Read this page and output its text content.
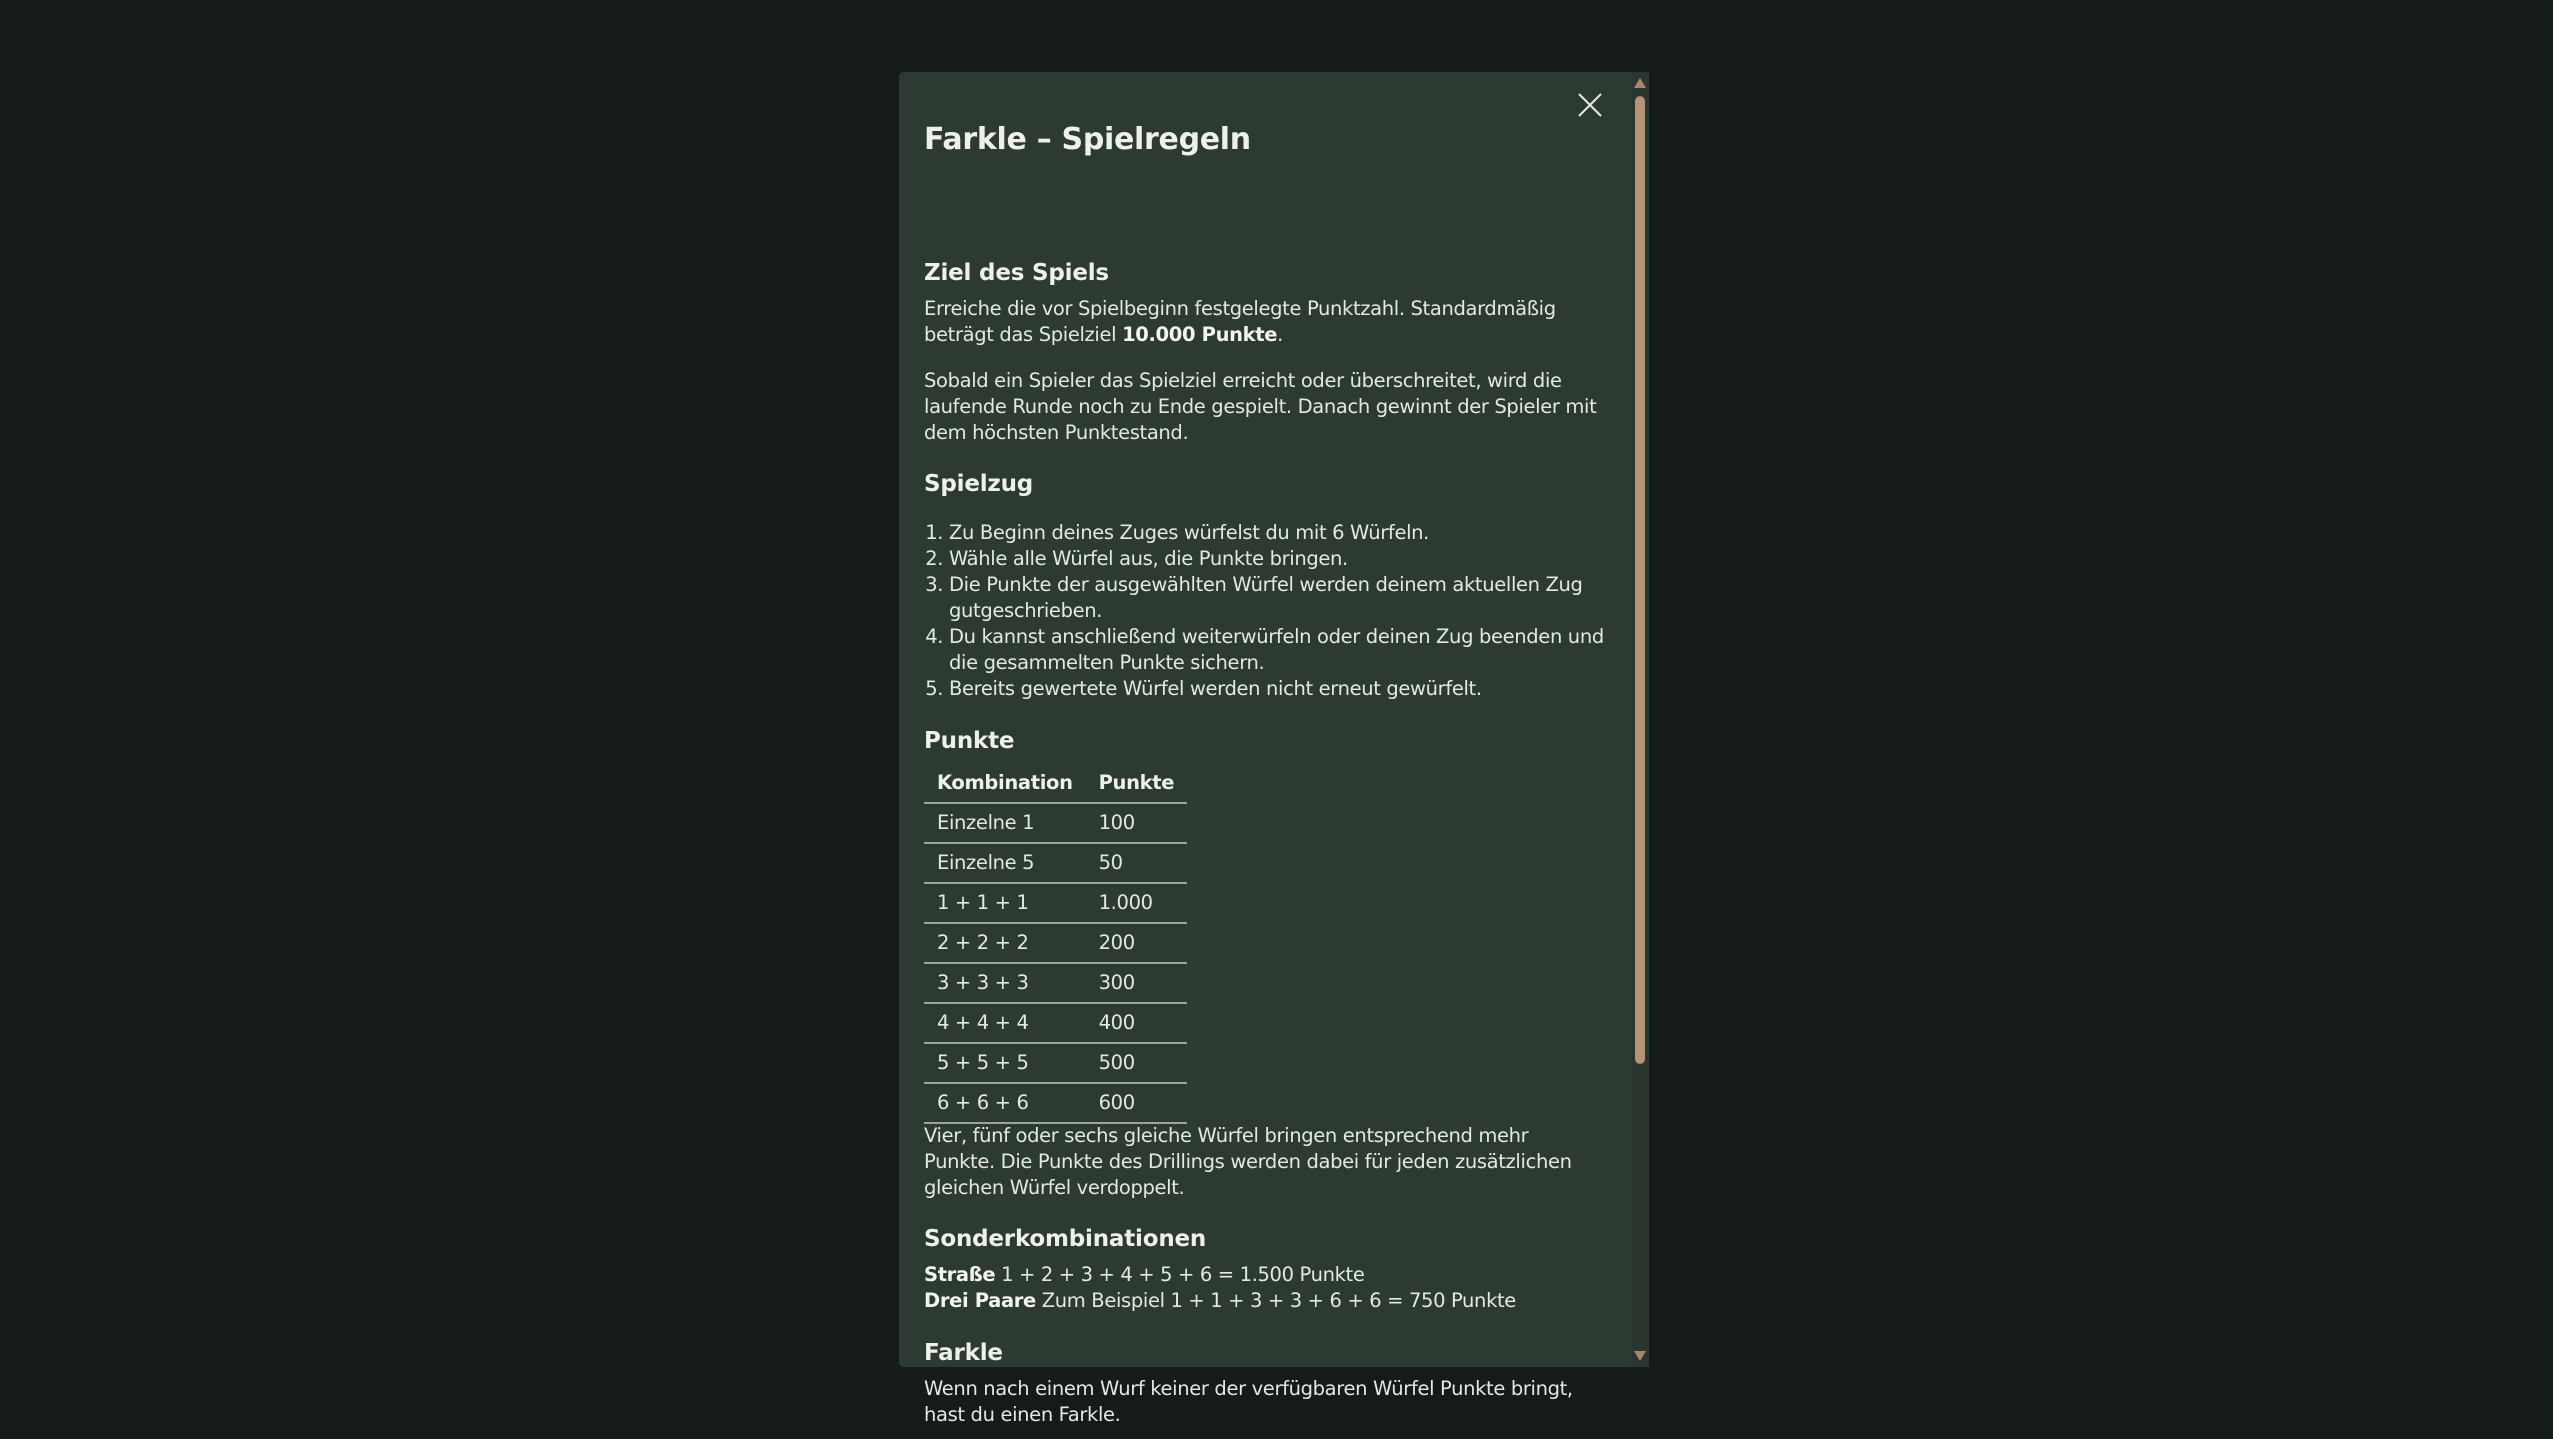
Farkle – Spielregeln
Ziel des Spiels

Erreiche die vor Spielbeginn festgelegte Punktzahl. Standardmäßig beträgt das Spielziel 10.000 Punkte.

Sobald ein Spieler das Spielziel erreicht oder überschreitet, wird die laufende Runde noch zu Ende gespielt. Danach gewinnt der Spieler mit dem höchsten Punktestand.

Spielzug
1. Zu Beginn deines Zuges würfelst du mit 6 Würfeln.
2. Wähle alle Würfel aus, die Punkte bringen.
3. Die Punkte der ausgewählten Würfel werden deinem aktuellen Zug gutgeschrieben.
4. Du kannst anschließend weiterwürfeln oder deinen Zug beenden und die gesammelten Punkte sichern.
5. Bereits gewertete Würfel werden nicht erneut gewürfelt.
Punkte
Kombination	Punkte
Einzelne 1	100
Einzelne 5	50
1 + 1 + 1	1.000
2 + 2 + 2	200
3 + 3 + 3	300
4 + 4 + 4	400
5 + 5 + 5	500
6 + 6 + 6	600

Vier, fünf oder sechs gleiche Würfel bringen entsprechend mehr Punkte. Die Punkte des Drillings werden dabei für jeden zusätzlichen gleichen Würfel verdoppelt.

Sonderkombinationen

Straße 1 + 2 + 3 + 4 + 5 + 6 = 1.500 Punkte

Drei Paare Zum Beispiel 1 + 1 + 3 + 3 + 6 + 6 = 750 Punkte

Farkle

Wenn nach einem Wurf keiner der verfügbaren Würfel Punkte bringt, hast du einen Farkle.
